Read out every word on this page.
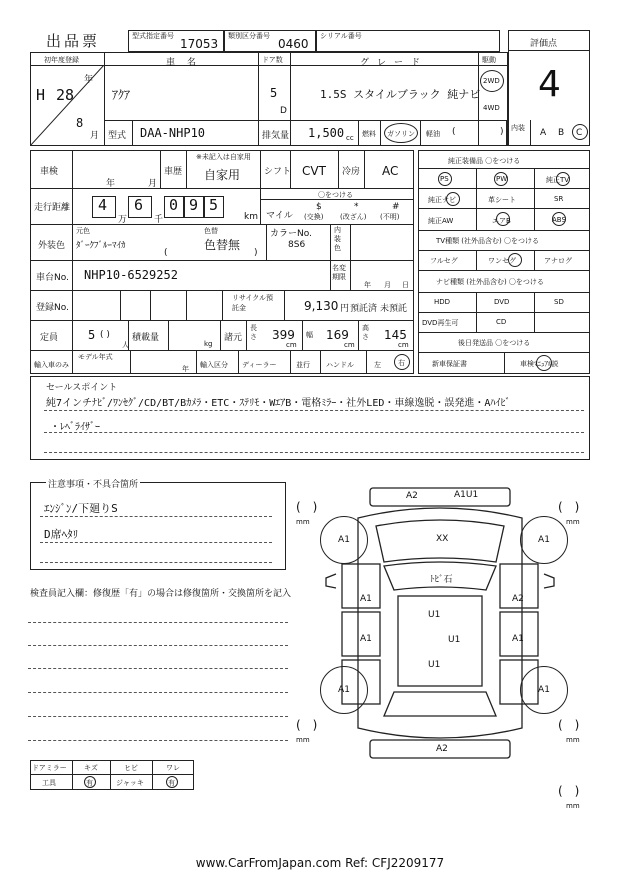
出品票	型式指定番号
17053
類別区分番号
0460
シリアル番号
評価点
4
初年度登録
H 28
年
8
月
車名
ｱｸｱ
ドア数
5
D
グレード
1.5S スタイルブラック 純ナビ
駆動
2WD
4WD
型式 DAA-NHP10	排気量 1,500 cc 燃料 ガソリン 軽油 (	) 内装 A B C
車検
年	月
車歴
※未記入は自家用
自家用	シフト CVT 冷房 AC
走行距離 4
万
6
千
0 9 5
km
〇をつける
マイル
$
(交換)
*
(改ざん)
#
(不明)
外装色
元色
ﾀﾞｰｸﾌﾞﾙｰﾏｲｶ
色替
色替無
(	)
カラーNo.
8S6
内装色
車台No. NHP10-6529252	名変期限
年 月 日
登録No.
リサイクル預託金	9,130 円 預託済 未預託
定員 5 ( )
人
積載量
kg
諸元
長さ 399
cm
幅 169
cm
高さ 145
cm
輸入車のみ
モデル年式
年 輸入区分 ディーラー	並行 ハンドル	左 右
純正装備品 〇をつける
PS	PW	純正TV
純正ナビ	革シート	SR
純正AW	エアB	ABS
TV種類 (社外品含む) 〇をつける
フルセグ	ワンセグ	アナログ
ナビ種類 (社外品含む) 〇をつける
HDD	DVD	SD
DVD再生可	CD
後日発送品 〇をつける
新車保証書	車検ﾏﾆｭｱﾙ説
セールスポイント
純7インチﾅﾋﾞ/ﾜﾝｾｸﾞ/CD/BT/Bｶﾒﾗ・ETC・ｽﾃﾘﾓ・WｴｱB・電格ﾐﾗｰ・社外LED・車線逸脱・誤発進・Aﾊｲﾋﾞ
・ﾚﾍﾞﾗｲｻﾞｰ
注意事項・不具合箇所
ｴﾝｼﾞﾝ/下廻りS
D席ﾍﾀﾘ
検査員記入欄：修復歴「有」の場合は修復箇所・交換箇所を記入
ドアミラー キズ	ヒビ	ワレ
工具	有	ジャッキ	有
A1	A1
A1	A1
A2	A1U1
XX
ﾄﾋﾞ石
U1
A1	A2
A1	U1
U1
A1
A2
(　)
mm
(　)
mm
(　)
mm
(　)
mm
(　)
mm
www.CarFromJapan.com Ref: CFJ2209177
